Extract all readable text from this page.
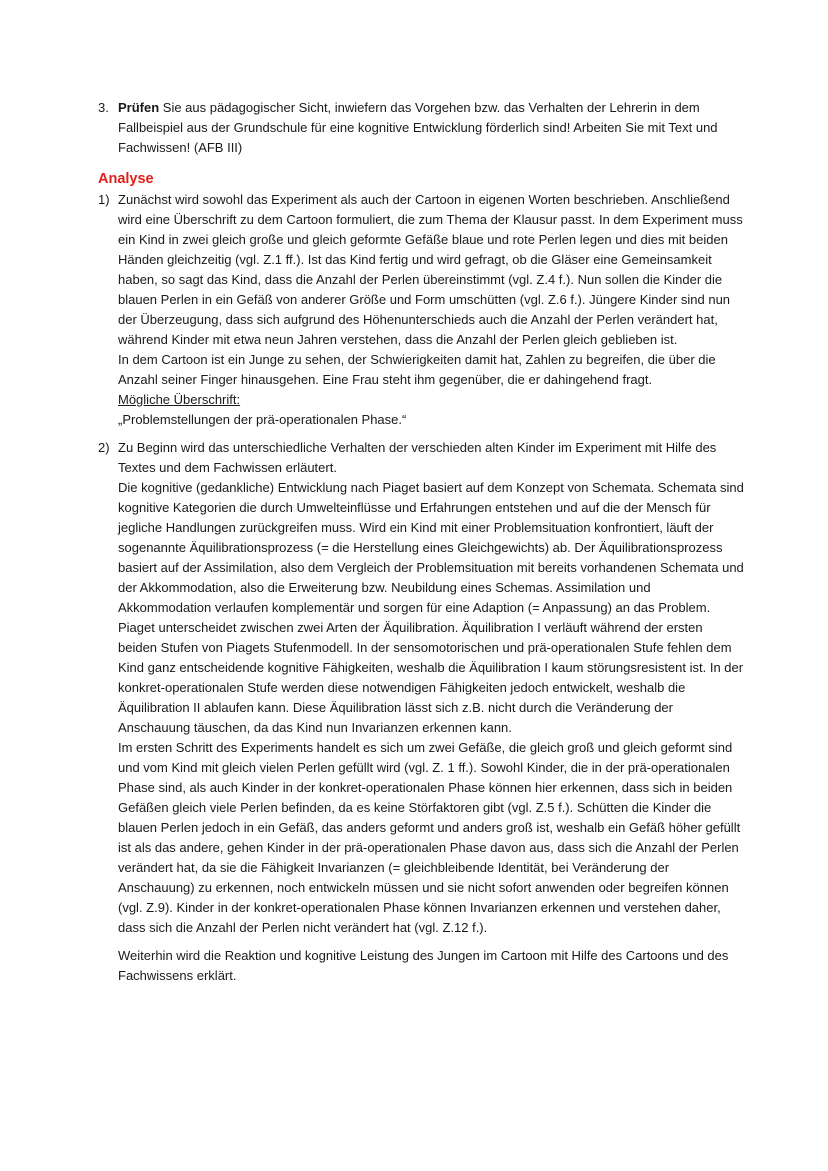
3. Prüfen Sie aus pädagogischer Sicht, inwiefern das Vorgehen bzw. das Verhalten der Lehrerin in dem Fallbeispiel aus der Grundschule für eine kognitive Entwicklung förderlich sind! Arbeiten Sie mit Text und Fachwissen! (AFB III)
Analyse
1) Zunächst wird sowohl das Experiment als auch der Cartoon in eigenen Worten beschrieben. Anschließend wird eine Überschrift zu dem Cartoon formuliert, die zum Thema der Klausur passt. In dem Experiment muss ein Kind in zwei gleich große und gleich geformte Gefäße blaue und rote Perlen legen und dies mit beiden Händen gleichzeitig (vgl. Z.1 ff.). Ist das Kind fertig und wird gefragt, ob die Gläser eine Gemeinsamkeit haben, so sagt das Kind, dass die Anzahl der Perlen übereinstimmt (vgl. Z.4 f.). Nun sollen die Kinder die blauen Perlen in ein Gefäß von anderer Größe und Form umschütten (vgl. Z.6 f.). Jüngere Kinder sind nun der Überzeugung, dass sich aufgrund des Höhenunterschieds auch die Anzahl der Perlen verändert hat, während Kinder mit etwa neun Jahren verstehen, dass die Anzahl der Perlen gleich geblieben ist.

In dem Cartoon ist ein Junge zu sehen, der Schwierigkeiten damit hat, Zahlen zu begreifen, die über die Anzahl seiner Finger hinausgehen. Eine Frau steht ihm gegenüber, die er dahingehend fragt.

Mögliche Überschrift:

„Problemstellungen der prä-operationalen Phase.“

2) Zu Beginn wird das unterschiedliche Verhalten der verschieden alten Kinder im Experiment mit Hilfe des Textes und dem Fachwissen erläutert.

Die kognitive (gedankliche) Entwicklung nach Piaget basiert auf dem Konzept von Schemata. Schemata sind kognitive Kategorien die durch Umwelteinflüsse und Erfahrungen entstehen und auf die der Mensch für jegliche Handlungen zurückgreifen muss. Wird ein Kind mit einer Problemsituation konfrontiert, läuft der sogenannte Äquilibrationsprozess (= die Herstellung eines Gleichgewichts) ab. Der Äquilibrationsprozess basiert auf der Assimilation, also dem Vergleich der Problemsituation mit bereits vorhandenen Schemata und der Akkommodation, also die Erweiterung bzw. Neubildung eines Schemas. Assimilation und Akkommodation verlaufen komplementär und sorgen für eine Adaption (= Anpassung) an das Problem. Piaget unterscheidet zwischen zwei Arten der Äquilibration. Äquilibration I verläuft während der ersten beiden Stufen von Piagets Stufenmodell. In der sensomotorischen und prä-operationalen Stufe fehlen dem Kind ganz entscheidende kognitive Fähigkeiten, weshalb die Äquilibration I kaum störungsresistent ist. In der konkret-operationalen Stufe werden diese notwendigen Fähigkeiten jedoch entwickelt, weshalb die Äquilibration II ablaufen kann. Diese Äquilibration lässt sich z.B. nicht durch die Veränderung der Anschauung täuschen, da das Kind nun Invarianzen erkennen kann.

Im ersten Schritt des Experiments handelt es sich um zwei Gefäße, die gleich groß und gleich geformt sind und vom Kind mit gleich vielen Perlen gefüllt wird (vgl. Z. 1 ff.). Sowohl Kinder, die in der prä-operationalen Phase sind, als auch Kinder in der konkret-operationalen Phase können hier erkennen, dass sich in beiden Gefäßen gleich viele Perlen befinden, da es keine Störfaktoren gibt (vgl. Z.5 f.). Schütten die Kinder die blauen Perlen jedoch in ein Gefäß, das anders geformt und anders groß ist, weshalb ein Gefäß höher gefüllt ist als das andere, gehen Kinder in der prä-operationalen Phase davon aus, dass sich die Anzahl der Perlen verändert hat, da sie die Fähigkeit Invarianzen (= gleichbleibende Identität, bei Veränderung der Anschauung) zu erkennen, noch entwickeln müssen und sie nicht sofort anwenden oder begreifen können (vgl. Z.9). Kinder in der konkret-operationalen Phase können Invarianzen erkennen und verstehen daher, dass sich die Anzahl der Perlen nicht verändert hat (vgl. Z.12 f.).

Weiterhin wird die Reaktion und kognitive Leistung des Jungen im Cartoon mit Hilfe des Cartoons und des Fachwissens erklärt.
